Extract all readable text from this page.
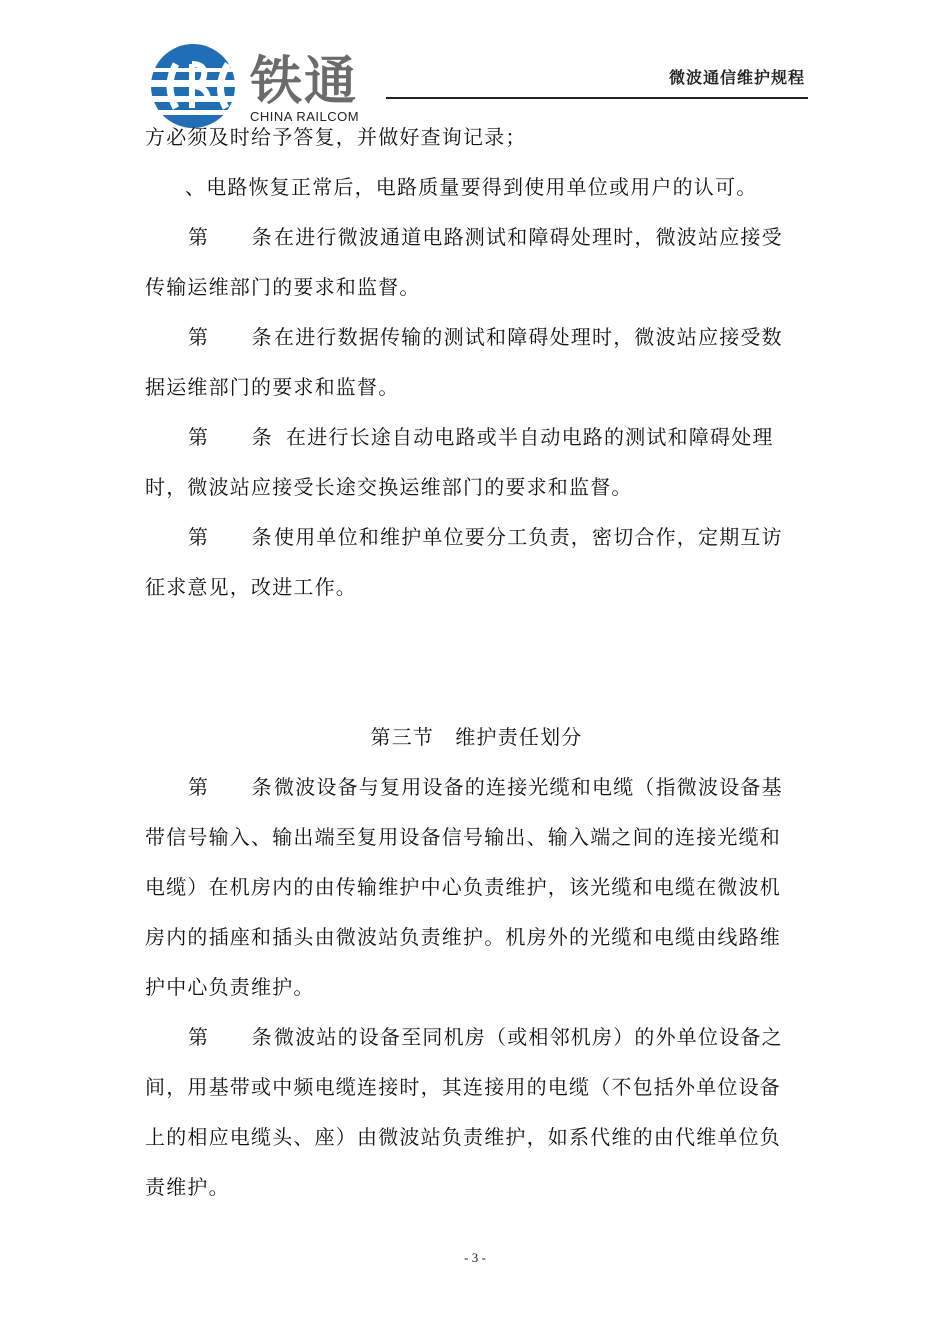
铁通
CHINA RAILCOM
微波通信维护规程
方必须及时给予答复，并做好查询记录；
、电路恢复正常后，电路质量要得到使用单位或用户的认可。
第　　条在进行微波通道电路测试和障碍处理时，微波站应接受
传输运维部门的要求和监督。
第　　条在进行数据传输的测试和障碍处理时，微波站应接受数
据运维部门的要求和监督。
第　　条 在进行长途自动电路或半自动电路的测试和障碍处理
时，微波站应接受长途交换运维部门的要求和监督。
第　　条使用单位和维护单位要分工负责，密切合作，定期互访
征求意见，改进工作。
第三节　维护责任划分
第　　条微波设备与复用设备的连接光缆和电缆（指微波设备基
带信号输入、输出端至复用设备信号输出、输入端之间的连接光缆和
电缆）在机房内的由传输维护中心负责维护，该光缆和电缆在微波机
房内的插座和插头由微波站负责维护。机房外的光缆和电缆由线路维
护中心负责维护。
第　　条微波站的设备至同机房（或相邻机房）的外单位设备之
间，用基带或中频电缆连接时，其连接用的电缆（不包括外单位设备
上的相应电缆头、座）由微波站负责维护，如系代维的由代维单位负
责维护。
- 3 -
